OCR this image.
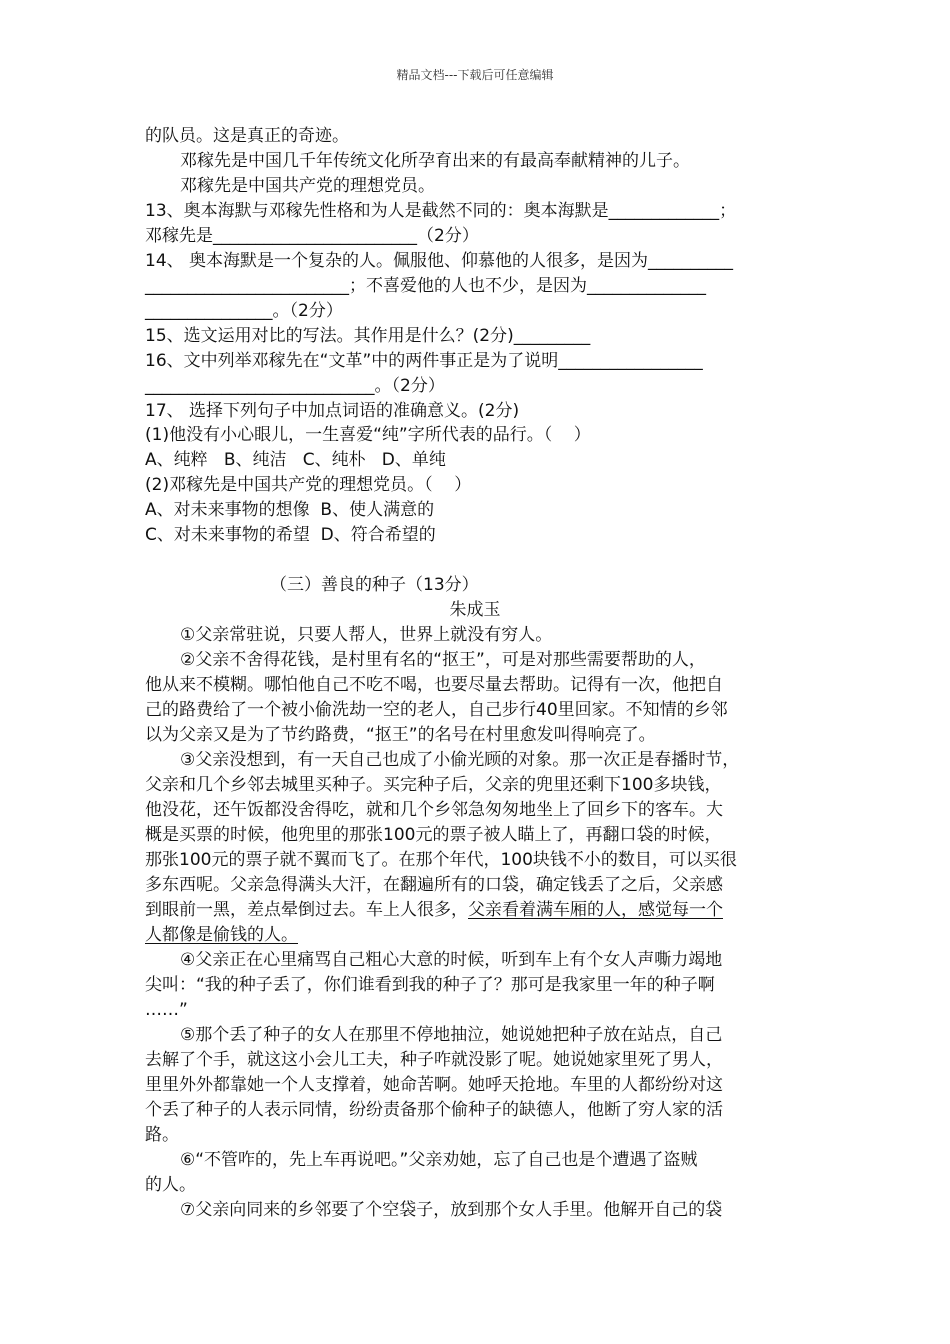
精品文档---下载后可任意编辑
的队员。这是真正的奇迹。
邓稼先是中国几千年传统文化所孕育出来的有最高奉献精神的儿子。
邓稼先是中国共产党的理想党员。
13、奥本海默与邓稼先性格和为人是截然不同的：奥本海默是_____________；
邓稼先是________________________（2分）
14、 奥本海默是一个复杂的人。佩服他、仰慕他的人很多，是因为__________
________________________；不喜爱他的人也不少，是因为______________
_______________。（2分）
15、选文运用对比的写法。其作用是什么？(2分)_________
16、文中列举邓稼先在“文革”中的两件事正是为了说明_________________
___________________________。（2分）
17、 选择下列句子中加点词语的准确意义。(2分)
(1)他没有小心眼儿，一生喜爱“纯”字所代表的品行。（    ）
A、纯粹   B、纯洁   C、纯朴   D、单纯
(2)邓稼先是中国共产党的理想党员。（    ）
A、对未来事物的想像  B、使人满意的
C、对未来事物的希望  D、符合希望的
（三）善良的种子（13分）
朱成玉
①父亲常驻说，只要人帮人，世界上就没有穷人。
②父亲不舍得花钱，是村里有名的“抠王”，可是对那些需要帮助的人，
他从来不模糊。哪怕他自己不吃不喝，也要尽量去帮助。记得有一次，他把自
己的路费给了一个被小偷洗劫一空的老人，自己步行40里回家。不知情的乡邻
以为父亲又是为了节约路费，“抠王”的名号在村里愈发叫得响亮了。
③父亲没想到，有一天自己也成了小偷光顾的对象。那一次正是春播时节，
父亲和几个乡邻去城里买种子。买完种子后，父亲的兜里还剩下100多块钱，
他没花，还午饭都没舍得吃，就和几个乡邻急匆匆地坐上了回乡下的客车。大
概是买票的时候，他兜里的那张100元的票子被人瞄上了，再翻口袋的时候，
那张100元的票子就不翼而飞了。在那个年代，100块钱不小的数目，可以买很
多东西呢。父亲急得满头大汗，在翻遍所有的口袋，确定钱丢了之后，父亲感
到眼前一黑，差点晕倒过去。车上人很多，父亲看着满车厢的人，感觉每一个
人都像是偷钱的人。
④父亲正在心里痛骂自己粗心大意的时候，听到车上有个女人声嘶力竭地
尖叫：“我的种子丢了，你们谁看到我的种子了？那可是我家里一年的种子啊
……”
⑤那个丢了种子的女人在那里不停地抽泣，她说她把种子放在站点，自己
去解了个手，就这这小会儿工夫，种子咋就没影了呢。她说她家里死了男人，
里里外外都靠她一个人支撑着，她命苦啊。她呼天抢地。车里的人都纷纷对这
个丢了种子的人表示同情，纷纷责备那个偷种子的缺德人，他断了穷人家的活
路。
⑥“不管咋的，先上车再说吧。”父亲劝她，忘了自己也是个遭遇了盗贼
的人。
⑦父亲向同来的乡邻要了个空袋子，放到那个女人手里。他解开自己的袋
